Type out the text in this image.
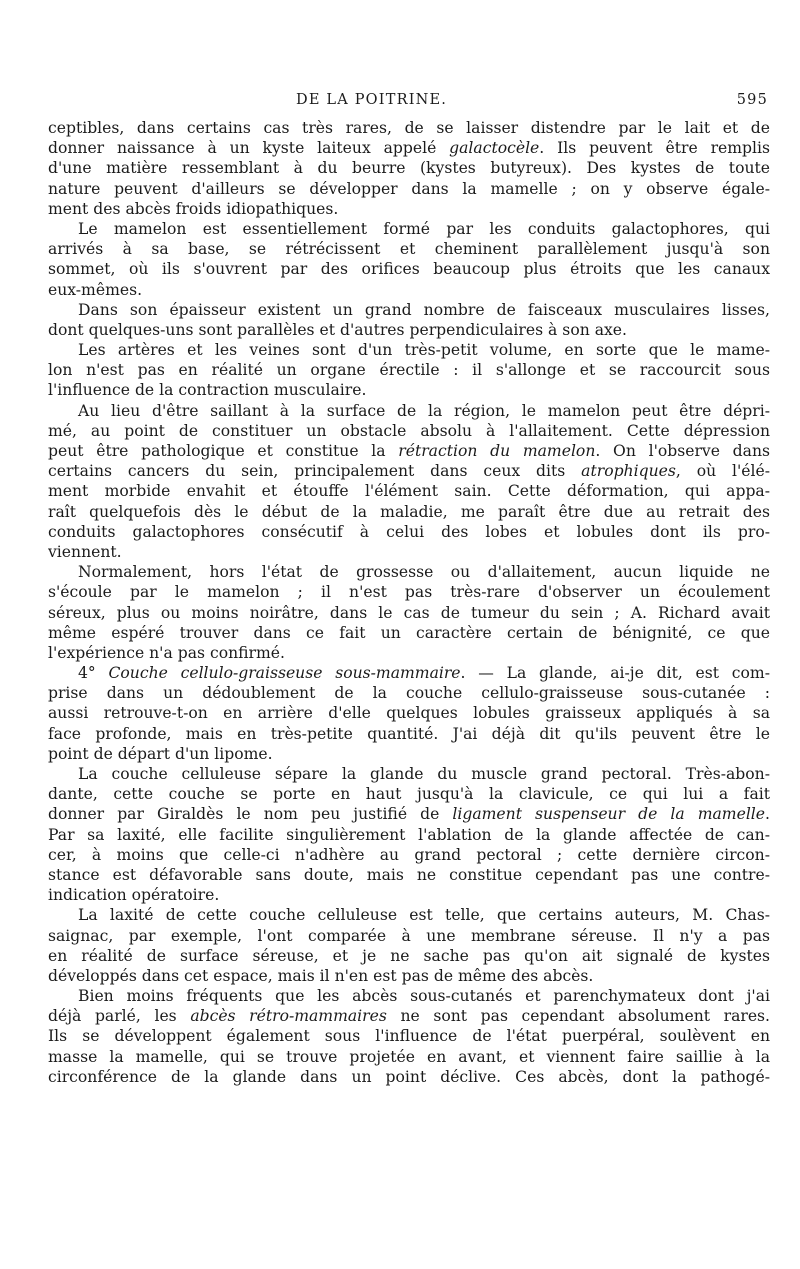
DE LA POITRINE.	595
ceptibles, dans certains cas très rares, de se laisser distendre par le lait et de
donner naissance à un kyste laiteux appelé galactocèle. Ils peuvent être remplis
d'une matière ressemblant à du beurre (kystes butyreux). Des kystes de toute
nature peuvent d'ailleurs se développer dans la mamelle ; on y observe égale-
ment des abcès froids idiopathiques.
Le mamelon est essentiellement formé par les conduits galactophores, qui
arrivés à sa base, se rétrécissent et cheminent parallèlement jusqu'à son
sommet, où ils s'ouvrent par des orifices beaucoup plus étroits que les canaux
eux-mêmes.
Dans son épaisseur existent un grand nombre de faisceaux musculaires lisses,
dont quelques-uns sont parallèles et d'autres perpendiculaires à son axe.
Les artères et les veines sont d'un très-petit volume, en sorte que le mame-
lon n'est pas en réalité un organe érectile : il s'allonge et se raccourcit sous
l'influence de la contraction musculaire.
Au lieu d'être saillant à la surface de la région, le mamelon peut être dépri-
mé, au point de constituer un obstacle absolu à l'allaitement. Cette dépression
peut être pathologique et constitue la rétraction du mamelon. On l'observe dans
certains cancers du sein, principalement dans ceux dits atrophiques, où l'élé-
ment morbide envahit et étouffe l'élément sain. Cette déformation, qui appa-
raît quelquefois dès le début de la maladie, me paraît être due au retrait des
conduits galactophores consécutif à celui des lobes et lobules dont ils pro-
viennent.
Normalement, hors l'état de grossesse ou d'allaitement, aucun liquide ne
s'écoule par le mamelon ; il n'est pas très-rare d'observer un écoulement
séreux, plus ou moins noirâtre, dans le cas de tumeur du sein ; A. Richard avait
même espéré trouver dans ce fait un caractère certain de bénignité, ce que
l'expérience n'a pas confirmé.
4° Couche cellulo-graisseuse sous-mammaire. — La glande, ai-je dit, est com-
prise dans un dédoublement de la couche cellulo-graisseuse sous-cutanée :
aussi retrouve-t-on en arrière d'elle quelques lobules graisseux appliqués à sa
face profonde, mais en très-petite quantité. J'ai déjà dit qu'ils peuvent être le
point de départ d'un lipome.
La couche celluleuse sépare la glande du muscle grand pectoral. Très-abon-
dante, cette couche se porte en haut jusqu'à la clavicule, ce qui lui a fait
donner par Giraldès le nom peu justifié de ligament suspenseur de la mamelle.
Par sa laxité, elle facilite singulièrement l'ablation de la glande affectée de can-
cer, à moins que celle-ci n'adhère au grand pectoral ; cette dernière circon-
stance est défavorable sans doute, mais ne constitue cependant pas une contre-
indication opératoire.
La laxité de cette couche celluleuse est telle, que certains auteurs, M. Chas-
saignac, par exemple, l'ont comparée à une membrane séreuse. Il n'y a pas
en réalité de surface séreuse, et je ne sache pas qu'on ait signalé de kystes
développés dans cet espace, mais il n'en est pas de même des abcès.
Bien moins fréquents que les abcès sous-cutanés et parenchymateux dont j'ai
déjà parlé, les abcès rétro-mammaires ne sont pas cependant absolument rares.
Ils se développent également sous l'influence de l'état puerpéral, soulèvent en
masse la mamelle, qui se trouve projetée en avant, et viennent faire saillie à la
circonférence de la glande dans un point déclive. Ces abcès, dont la pathogé-
